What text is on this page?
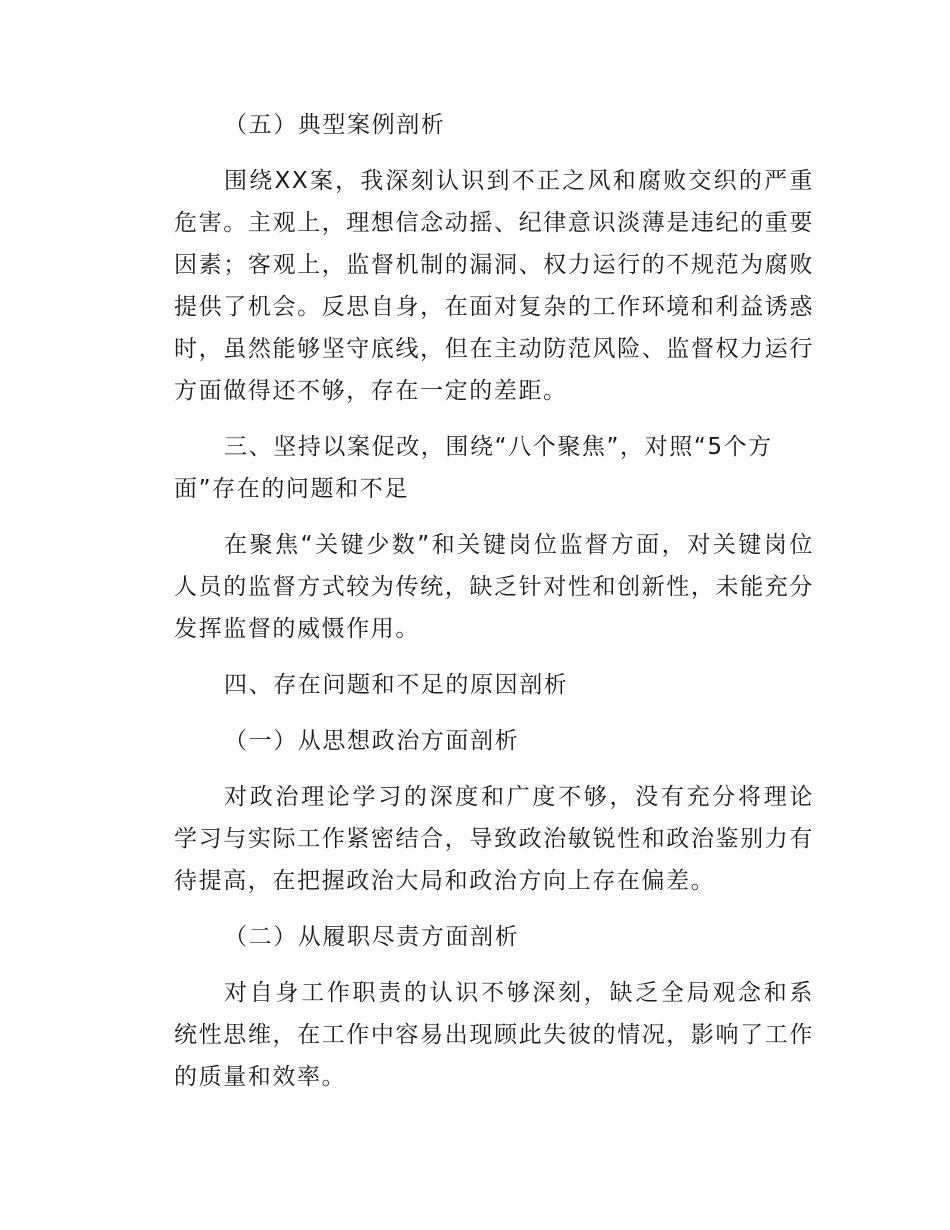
（五）典型案例剖析

围绕XX案，我深刻认识到不正之风和腐败交织的严重危害。主观上，理想信念动摇、纪律意识淡薄是违纪的重要因素；客观上，监督机制的漏洞、权力运行的不规范为腐败提供了机会。反思自身，在面对复杂的工作环境和利益诱惑时，虽然能够坚守底线，但在主动防范风险、监督权力运行方面做得还不够，存在一定的差距。

三、坚持以案促改，围绕“八个聚焦”，对照“5个方面”存在的问题和不足

在聚焦“关键少数”和关键岗位监督方面，对关键岗位人员的监督方式较为传统，缺乏针对性和创新性，未能充分发挥监督的威慑作用。

四、存在问题和不足的原因剖析

（一）从思想政治方面剖析

对政治理论学习的深度和广度不够，没有充分将理论学习与实际工作紧密结合，导致政治敏锐性和政治鉴别力有待提高，在把握政治大局和政治方向上存在偏差。

（二）从履职尽责方面剖析

对自身工作职责的认识不够深刻，缺乏全局观念和系统性思维，在工作中容易出现顾此失彼的情况，影响了工作的质量和效率。
